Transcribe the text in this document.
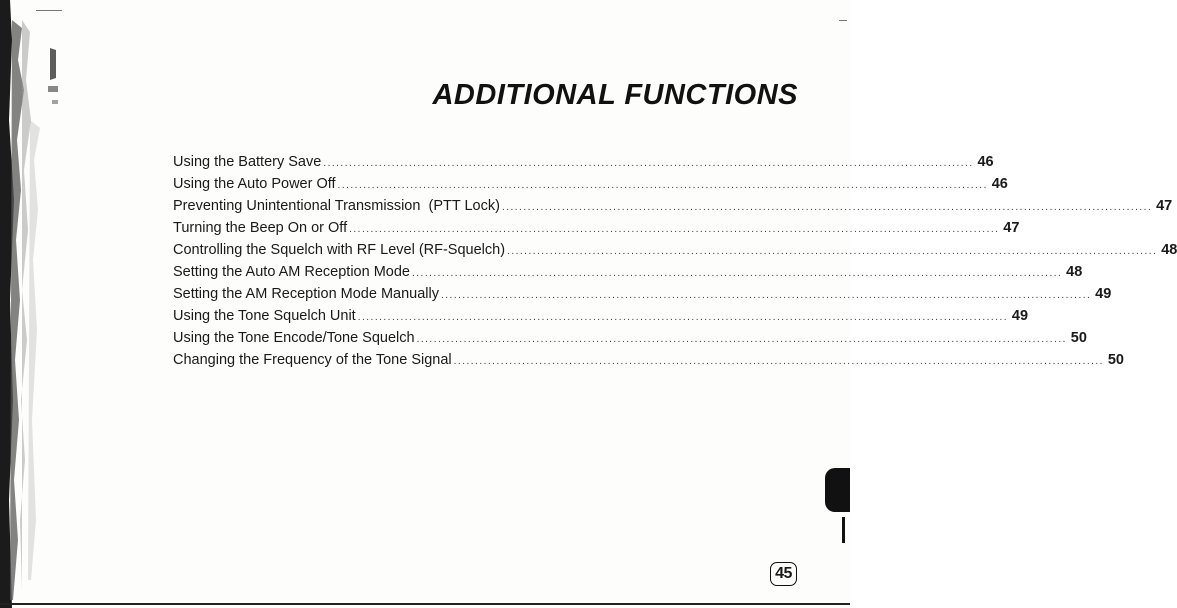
ADDITIONAL FUNCTIONS
Using the Battery Save ........................................................................................................................................................ 46
Using the Auto Power Off ........................................................................................................................................................ 46
Preventing Unintentional Transmission  (PTT Lock) ........................................................................................................................................................ 47
Turning the Beep On or Off ........................................................................................................................................................ 47
Controlling the Squelch with RF Level (RF-Squelch) ........................................................................................................................................................ 48
Setting the Auto AM Reception Mode ........................................................................................................................................................ 48
Setting the AM Reception Mode Manually ........................................................................................................................................................ 49
Using the Tone Squelch Unit ........................................................................................................................................................ 49
Using the Tone Encode/Tone Squelch ........................................................................................................................................................ 50
Changing the Frequency of the Tone Signal ........................................................................................................................................................ 50
45
